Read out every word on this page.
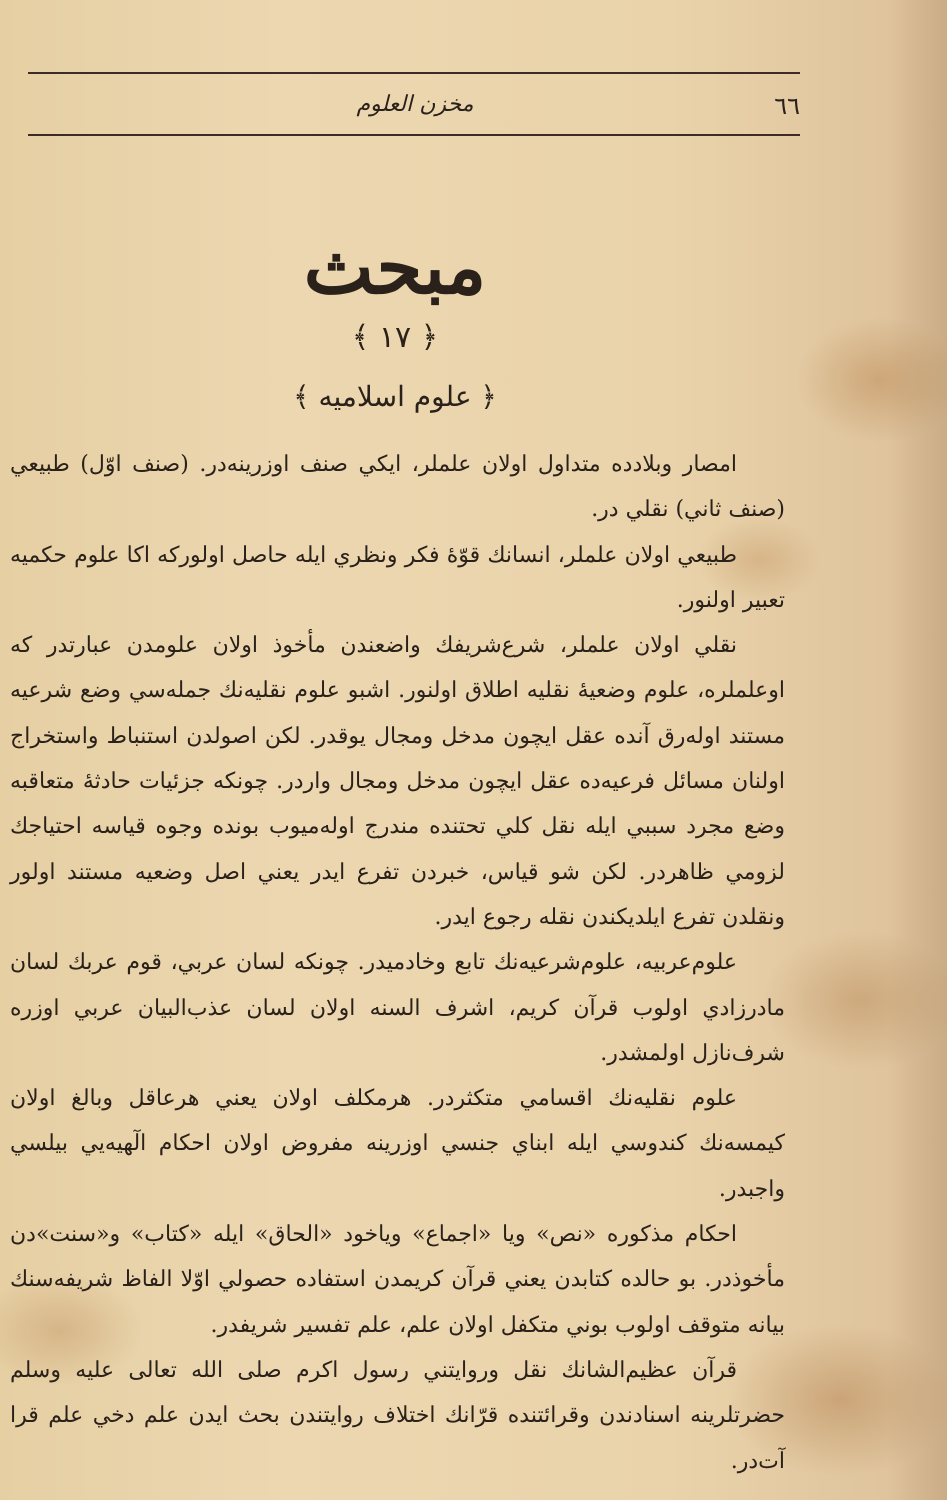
٦٦
مخزن العلوم
مبحث
﴿ ١٧ ﴾
﴿ علوم اسلاميه ﴾

امصار وبلادده متداول اولان علملر، ايکي صنف اوزرينه‌در. (صنف اوّل) طبيعي (صنف ثاني) نقلي در.

طبيعي اولان علملر، انسانك قوّهٔ فكر ونظري ايله حاصل اولوركه اكا علوم حكميه تعبير اولنور.

نقلي اولان علملر، شرع‌شريفك واضعندن مأخوذ اولان علومدن عبارتدر كه اوعلملره، علوم وضعيهٔ نقليه اطلاق اولنور. اشبو علوم نقليه‌نك جمله‌سي وضع شرعيه مستند اوله‌رق آنده عقل ايچون مدخل ومجال يوقدر. لكن اصولدن استنباط واستخراج اولنان مسائل فرعيه‌ده عقل ايچون مدخل ومجال واردر. چونكه جزئيات حادثهٔ متعاقبه وضع مجرد سببي ايله نقل كلي تحتنده مندرج اوله‌ميوب بونده وجوه قياسه احتياجك لزومي ظاهردر. لكن شو قياس، خبردن تفرع ايدر يعني اصل وضعيه مستند اولور ونقلدن تفرع ايلديكندن نقله رجوع ايدر.

علوم‌عربيه، علوم‌شرعيه‌نك تابع وخادميدر. چونكه لسان عربي، قوم عربك لسان مادرزادي اولوب قرآن كريم، اشرف السنه اولان لسان عذب‌البيان عربي اوزره شرف‌نازل اولمشدر.

علوم نقليه‌نك اقسامي متكثردر. هرمكلف اولان يعني هرعاقل وبالغ اولان كيمسه‌نك كندوسي ايله ابناي جنسي اوزرينه مفروض اولان احكام الٓهيه‌يي بيلسي واجبدر.

احكام مذكوره «نص» ويا «اجماع» وياخود «الحاق» ايله «كتاب» و«سنت»دن مأخوذدر. بو حالده كتابدن يعني قرآن كريمدن استفاده حصولي اوّلا الفاظ شريفه‌سنك بيانه متوقف اولوب بوني متكفل اولان علم، علم تفسير شريفدر.

قرآن عظيم‌الشانك نقل وروايتني رسول اكرم صلى الله تعالى عليه وسلم حضرتلرينه اسنادندن وقرائتنده قرّانك اختلاف روايتندن بحث ايدن علم دخي علم قرا آت‌در.
